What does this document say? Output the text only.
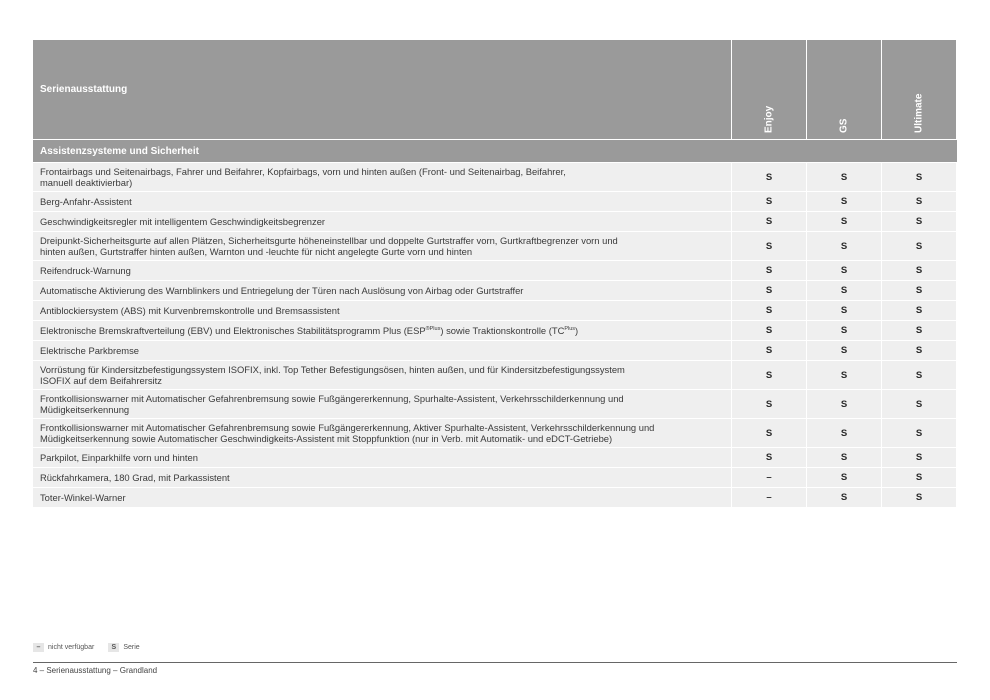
Serienausstattung
Enjoy	GS	Ultimate
Assistenzsysteme und Sicherheit
Frontairbags und Seitenairbags, Fahrer und Beifahrer, Kopfairbags, vorn und hinten außen (Front- und Seitenairbag, Beifahrer,
manuell deaktivierbar)	S	S	S
Berg-Anfahr-Assistent	S	S	S
Geschwindigkeitsregler mit intelligentem Geschwindigkeitsbegrenzer	S	S	S
Dreipunkt-Sicherheitsgurte auf allen Plätzen, Sicherheitsgurte höheneinstellbar und doppelte Gurtstraffer vorn, Gurtkraftbegrenzer vorn und
hinten außen, Gurtstraffer hinten außen, Warnton und -leuchte für nicht angelegte Gurte vorn und hinten	S	S	S
Reifendruck-Warnung	S	S	S
Automatische Aktivierung des Warnblinkers und Entriegelung der Türen nach Auslösung von Airbag oder Gurtstraffer	S	S	S
Antiblockiersystem (ABS) mit Kurvenbremskontrolle und Bremsassistent	S	S	S
Elektronische Bremskraftverteilung (EBV) und Elektronisches Stabilitätsprogramm Plus $(ESP^{®Plus})$ sowie Traktionskontrolle $(TC^{Plus})$	S	S	S
Elektrische Parkbremse	S	S	S
Vorrüstung für Kindersitzbefestigungssystem ISOFIX, inkl. Top Tether Befestigungsösen, hinten außen, und für Kindersitzbefestigungssystem
ISOFIX auf dem Beifahrersitz	S	S	S
Frontkollisionswarner mit Automatischer Gefahrenbremsung sowie Fußgängererkennung, Spurhalte-Assistent, Verkehrsschilderkennung und
Müdigkeitserkennung	S	S	S
Frontkollisionswarner mit Automatischer Gefahrenbremsung sowie Fußgängererkennung, Aktiver Spurhalte-Assistent, Verkehrsschilderkennung und
Müdigkeitserkennung sowie Automatischer Geschwindigkeits-Assistent mit Stoppfunktion (nur in Verb. mit Automatik- und eDCT-Getriebe)	S	S	S
Parkpilot, Einparkhilfe vorn und hinten	S	S	S
Rückfahrkamera, 180 Grad, mit Parkassistent	–	S	S
Toter-Winkel-Warner	–	S	S
–	nicht verfügbar	S	Serie
4 – Serienausstattung – Grandland
